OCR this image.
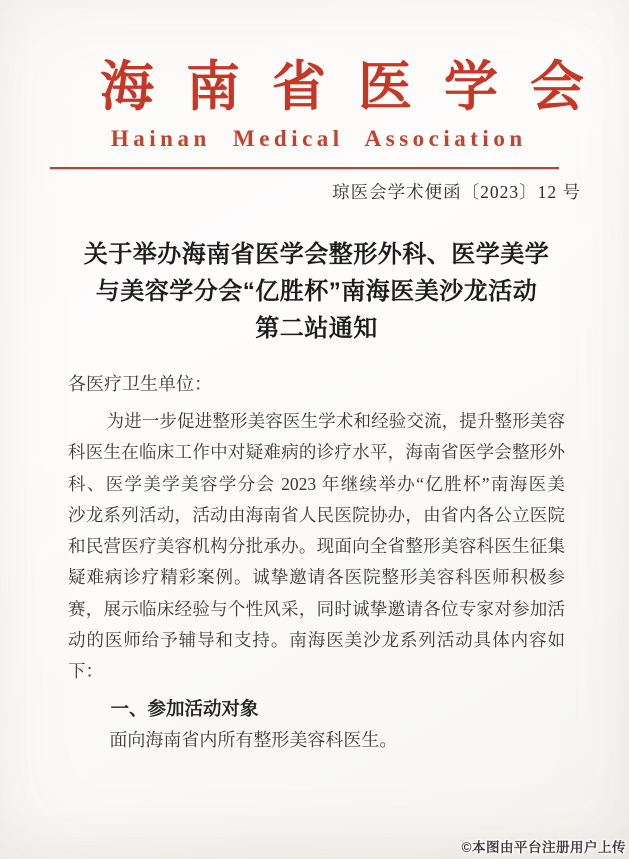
海南省医学会
Hainan Medical Association
琼医会学术便函〔2023〕12 号
关于举办海南省医学会整形外科、医学美学
与美容学分会“亿胜杯”南海医美沙龙活动
第二站通知
各医疗卫生单位：
为进一步促进整形美容医生学术和经验交流，提升整形美容
科医生在临床工作中对疑难病的诊疗水平，海南省医学会整形外
科、医学美学美容学分会 2023 年继续举办“亿胜杯”南海医美
沙龙系列活动，活动由海南省人民医院协办，由省内各公立医院
和民营医疗美容机构分批承办。现面向全省整形美容科医生征集
疑难病诊疗精彩案例。诚挚邀请各医院整形美容科医师积极参
赛，展示临床经验与个性风采，同时诚挚邀请各位专家对参加活
动的医师给予辅导和支持。南海医美沙龙系列活动具体内容如
下：
一、参加活动对象
面向海南省内所有整形美容科医生。
©本图由平台注册用户上传
